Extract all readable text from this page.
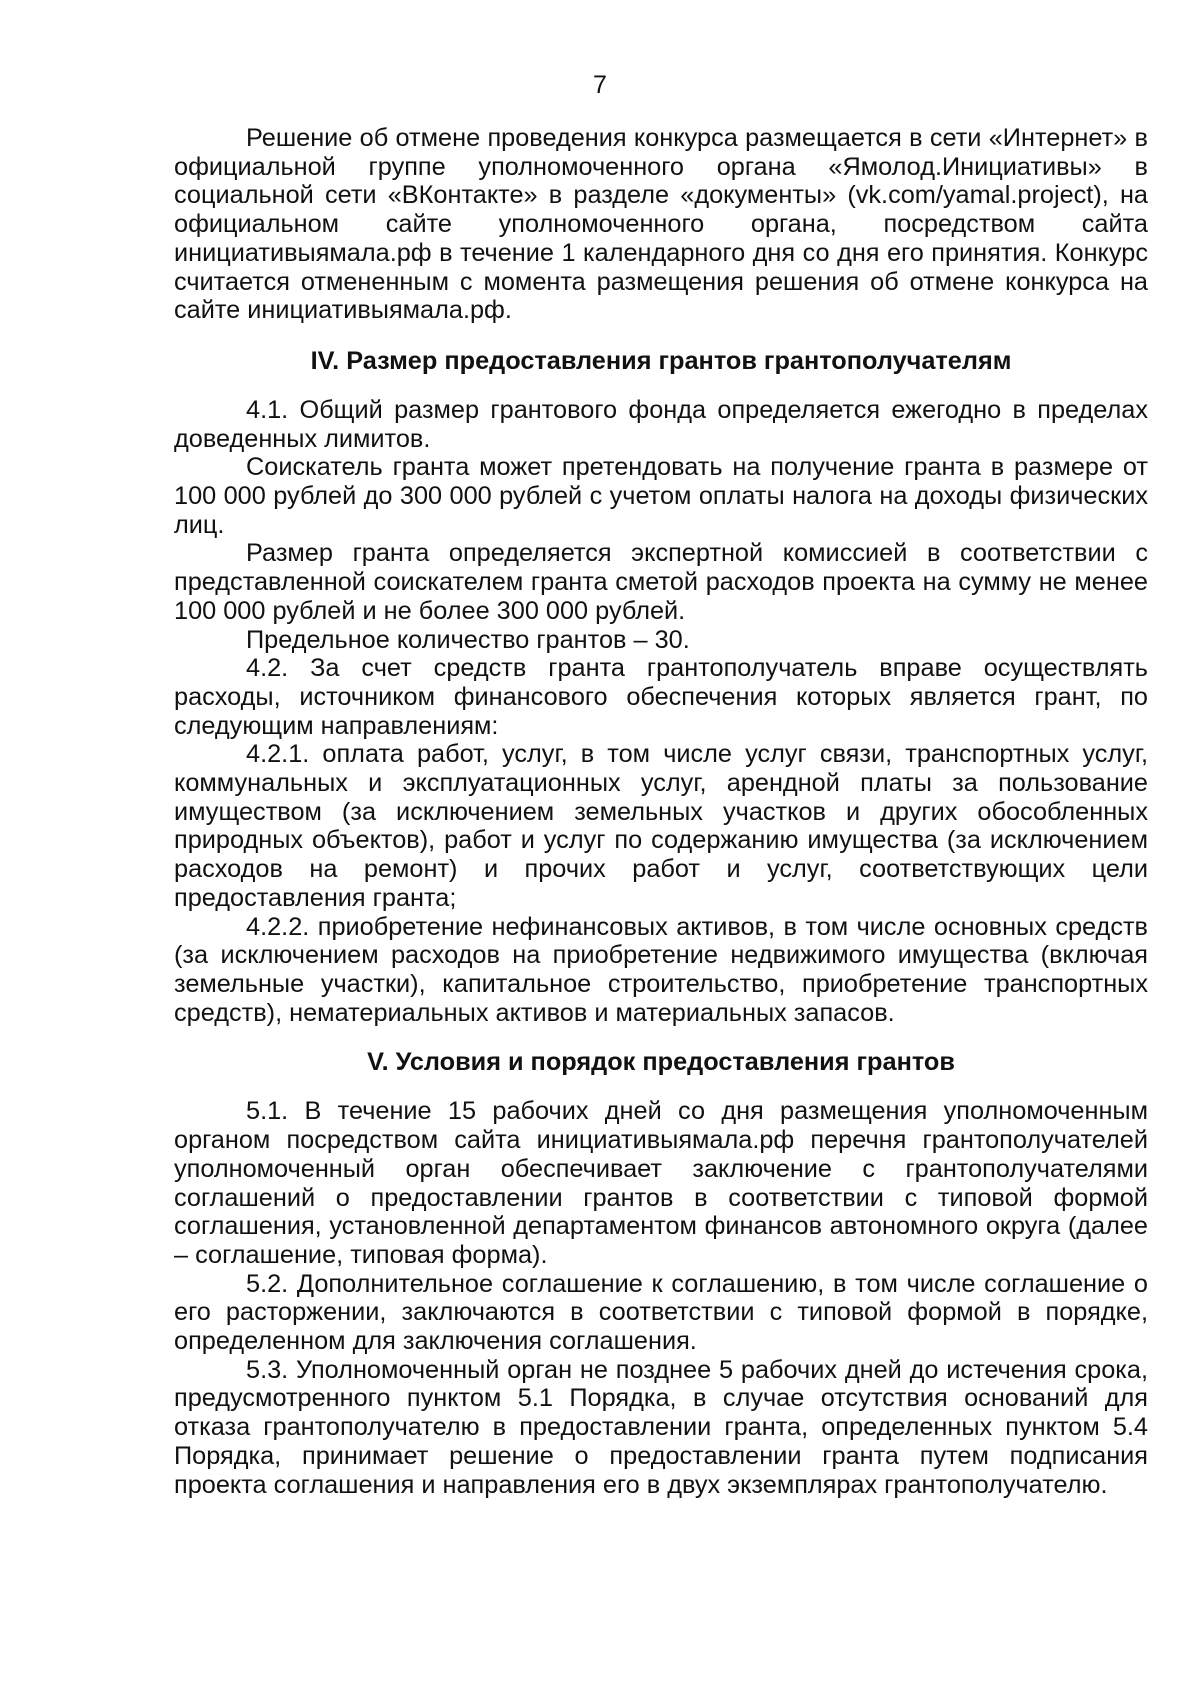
7

Решение об отмене проведения конкурса размещается в сети «Интернет» в официальной группе уполномоченного органа «Ямолод.Инициативы» в социальной сети «ВКонтакте» в разделе «документы» (vk.com/yamal.project), на официальном сайте уполномоченного органа, посредством сайта инициативыямала.рф в течение 1 календарного дня со дня его принятия. Конкурс считается отмененным с момента размещения решения об отмене конкурса на сайте инициативыямала.рф.

IV. Размер предоставления грантов грантополучателям

4.1. Общий размер грантового фонда определяется ежегодно в пределах доведенных лимитов.

Соискатель гранта может претендовать на получение гранта в размере от 100 000 рублей до 300 000 рублей с учетом оплаты налога на доходы физических лиц.

Размер гранта определяется экспертной комиссией в соответствии с представленной соискателем гранта сметой расходов проекта на сумму не менее 100 000 рублей и не более 300 000 рублей.

Предельное количество грантов – 30.

4.2. За счет средств гранта грантополучатель вправе осуществлять расходы, источником финансового обеспечения которых является грант, по следующим направлениям:

4.2.1. оплата работ, услуг, в том числе услуг связи, транспортных услуг, коммунальных и эксплуатационных услуг, арендной платы за пользование имуществом (за исключением земельных участков и других обособленных природных объектов), работ и услуг по содержанию имущества (за исключением расходов на ремонт) и прочих работ и услуг, соответствующих цели предоставления гранта;

4.2.2. приобретение нефинансовых активов, в том числе основных средств (за исключением расходов на приобретение недвижимого имущества (включая земельные участки), капитальное строительство, приобретение транспортных средств), нематериальных активов и материальных запасов.

V. Условия и порядок предоставления грантов

5.1. В течение 15 рабочих дней со дня размещения уполномоченным органом посредством сайта инициативыямала.рф перечня грантополучателей уполномоченный орган обеспечивает заключение с грантополучателями соглашений о предоставлении грантов в соответствии с типовой формой соглашения, установленной департаментом финансов автономного округа (далее – соглашение, типовая форма).

5.2. Дополнительное соглашение к соглашению, в том числе соглашение о его расторжении, заключаются в соответствии с типовой формой в порядке, определенном для заключения соглашения.

5.3. Уполномоченный орган не позднее 5 рабочих дней до истечения срока, предусмотренного пунктом 5.1 Порядка, в случае отсутствия оснований для отказа грантополучателю в предоставлении гранта, определенных пунктом 5.4 Порядка, принимает решение о предоставлении гранта путем подписания проекта соглашения и направления его в двух экземплярах грантополучателю.
